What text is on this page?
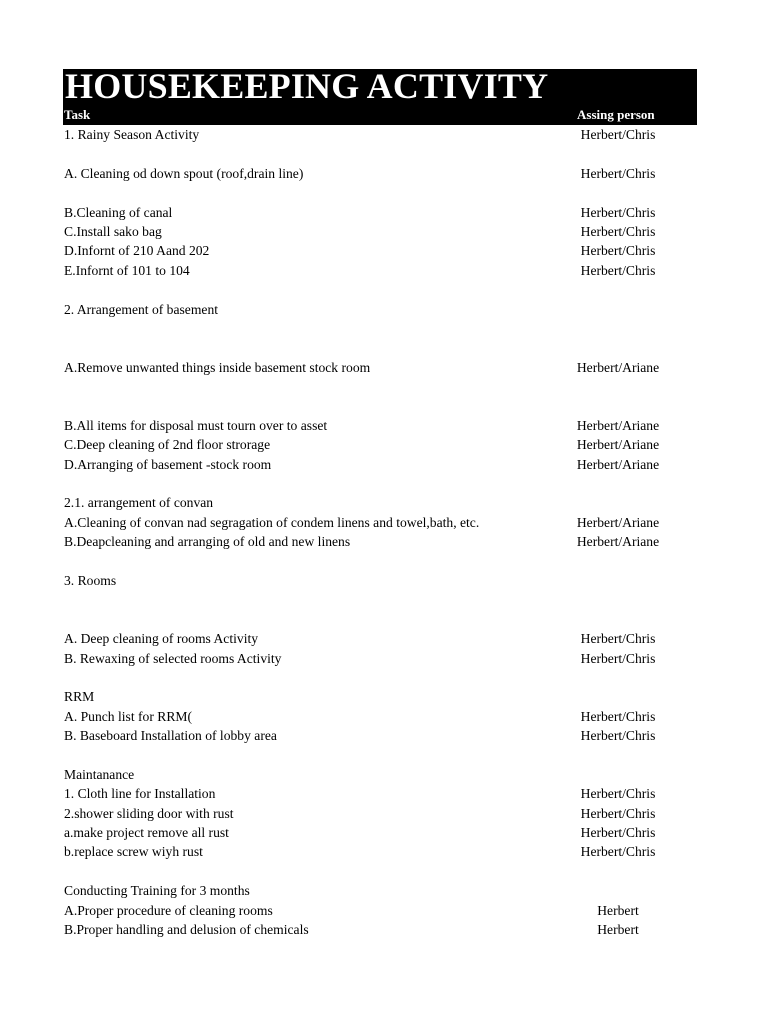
HOUSEKEEPING ACTIVITY
Task	Assing person
1. Rainy Season Activity	Herbert/Chris
A. Cleaning od down spout (roof,drain line)	Herbert/Chris
B.Cleaning of canal	Herbert/Chris
C.Install sako bag	Herbert/Chris
D.Infornt of 210 Aand 202	Herbert/Chris
E.Infornt of 101 to 104	Herbert/Chris
2. Arrangement of basement
A.Remove unwanted things inside basement stock room	Herbert/Ariane
B.All items for disposal must tourn over to asset	Herbert/Ariane
C.Deep cleaning of 2nd floor strorage	Herbert/Ariane
D.Arranging of basement -stock room	Herbert/Ariane
2.1. arrangement of convan
A.Cleaning of convan nad segragation of condem linens and towel,bath, etc.	Herbert/Ariane
B.Deapcleaning and arranging of old and new linens	Herbert/Ariane
3. Rooms
A. Deep cleaning of rooms Activity	Herbert/Chris
B. Rewaxing of selected rooms Activity	Herbert/Chris
RRM
A. Punch list for RRM(	Herbert/Chris
B. Baseboard Installation of lobby area	Herbert/Chris
Maintanance
1. Cloth line for Installation	Herbert/Chris
2.shower sliding door with rust	Herbert/Chris
a.make project remove all rust	Herbert/Chris
b.replace screw wiyh rust	Herbert/Chris
Conducting Training for 3 months
A.Proper procedure of cleaning rooms	Herbert
B.Proper handling and delusion of chemicals	Herbert
